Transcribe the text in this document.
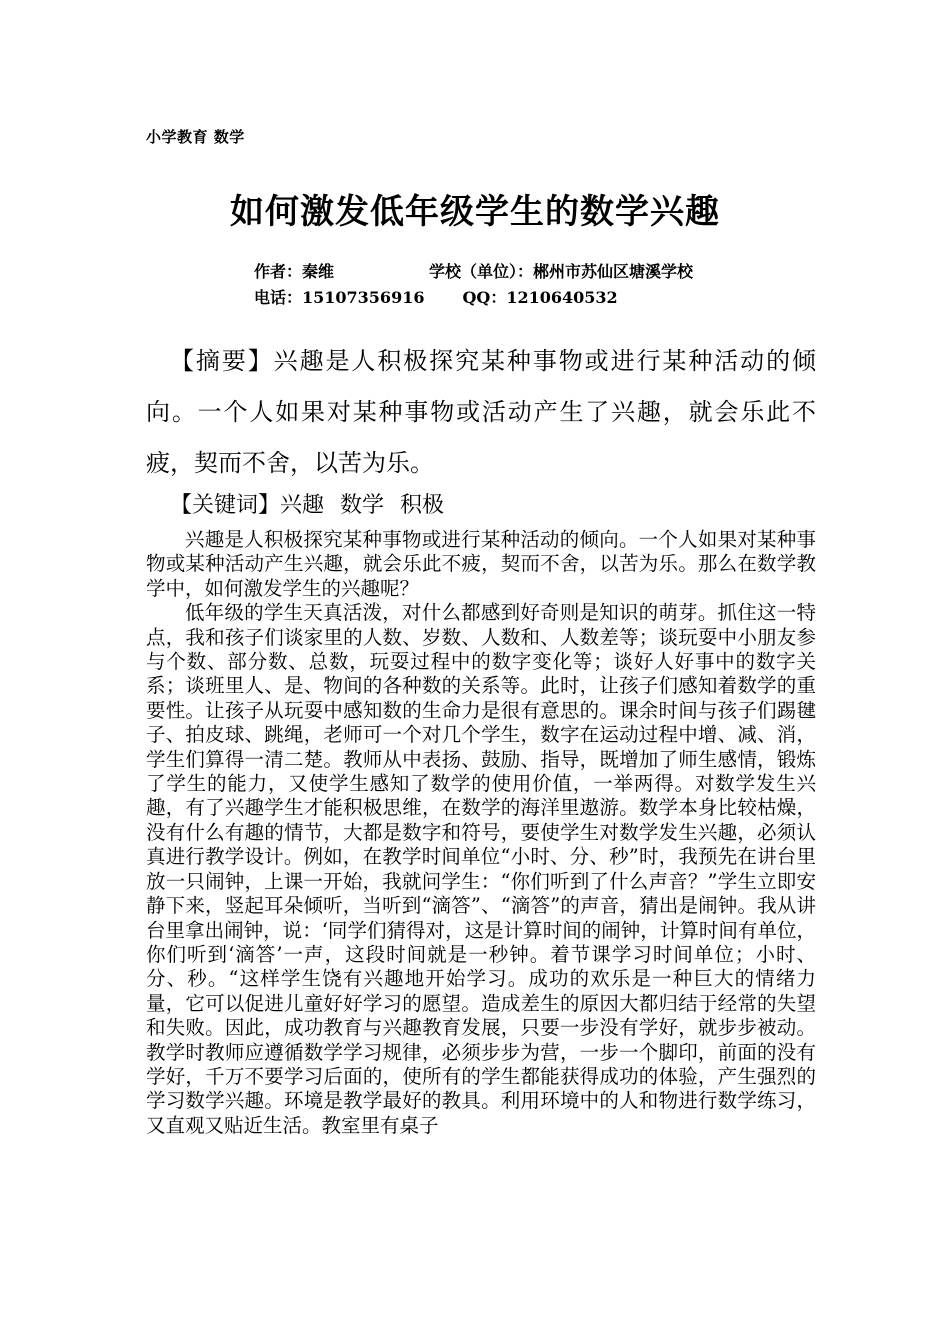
小学教育 数学
如何激发低年级学生的数学兴趣
作者：秦维	学校（单位）：郴州市苏仙区塘溪学校
电话：15107356916 QQ：1210640532

【摘要】兴趣是人积极探究某种事物或进行某种活动的倾向。一个人如果对某种事物或活动产生了兴趣，就会乐此不疲，契而不舍，以苦为乐。

【关键词】兴趣 数学 积极

兴趣是人积极探究某种事物或进行某种活动的倾向。一个人如果对某种事物或某种活动产生兴趣，就会乐此不疲，契而不舍，以苦为乐。那么在数学教学中，如何激发学生的兴趣呢？

低年级的学生天真活泼，对什么都感到好奇则是知识的萌芽。抓住这一特点，我和孩子们谈家里的人数、岁数、人数和、人数差等；谈玩耍中小朋友参与个数、部分数、总数，玩耍过程中的数字变化等；谈好人好事中的数字关系；谈班里人、是、物间的各种数的关系等。此时，让孩子们感知着数学的重要性。让孩子从玩耍中感知数的生命力是很有意思的。课余时间与孩子们踢毽子、拍皮球、跳绳，老师可一个对几个学生，数字在运动过程中增、减、消，学生们算得一清二楚。教师从中表扬、鼓励、指导，既增加了师生感情，锻炼了学生的能力，又使学生感知了数学的使用价值，一举两得。对数学发生兴趣，有了兴趣学生才能积极思维，在数学的海洋里遨游。数学本身比较枯燥，没有什么有趣的情节，大都是数字和符号，要使学生对数学发生兴趣，必须认真进行教学设计。例如，在教学时间单位“小时、分、秒”时，我预先在讲台里放一只闹钟，上课一开始，我就问学生：“你们听到了什么声音？”学生立即安静下来，竖起耳朵倾听，当听到“滴答”、“滴答”的声音，猜出是闹钟。我从讲台里拿出闹钟，说：‘同学们猜得对，这是计算时间的闹钟，计算时间有单位，你们听到‘滴答’一声，这段时间就是一秒钟。着节课学习时间单位；小时、分、秒。“这样学生饶有兴趣地开始学习。成功的欢乐是一种巨大的情绪力量，它可以促进儿童好好学习的愿望。造成差生的原因大都归结于经常的失望和失败。因此，成功教育与兴趣教育发展，只要一步没有学好，就步步被动。教学时教师应遵循数学学习规律，必须步步为营，一步一个脚印，前面的没有学好，千万不要学习后面的，使所有的学生都能获得成功的体验，产生强烈的学习数学兴趣。环境是教学最好的教具。利用环境中的人和物进行数学练习，又直观又贴近生活。教室里有桌子
